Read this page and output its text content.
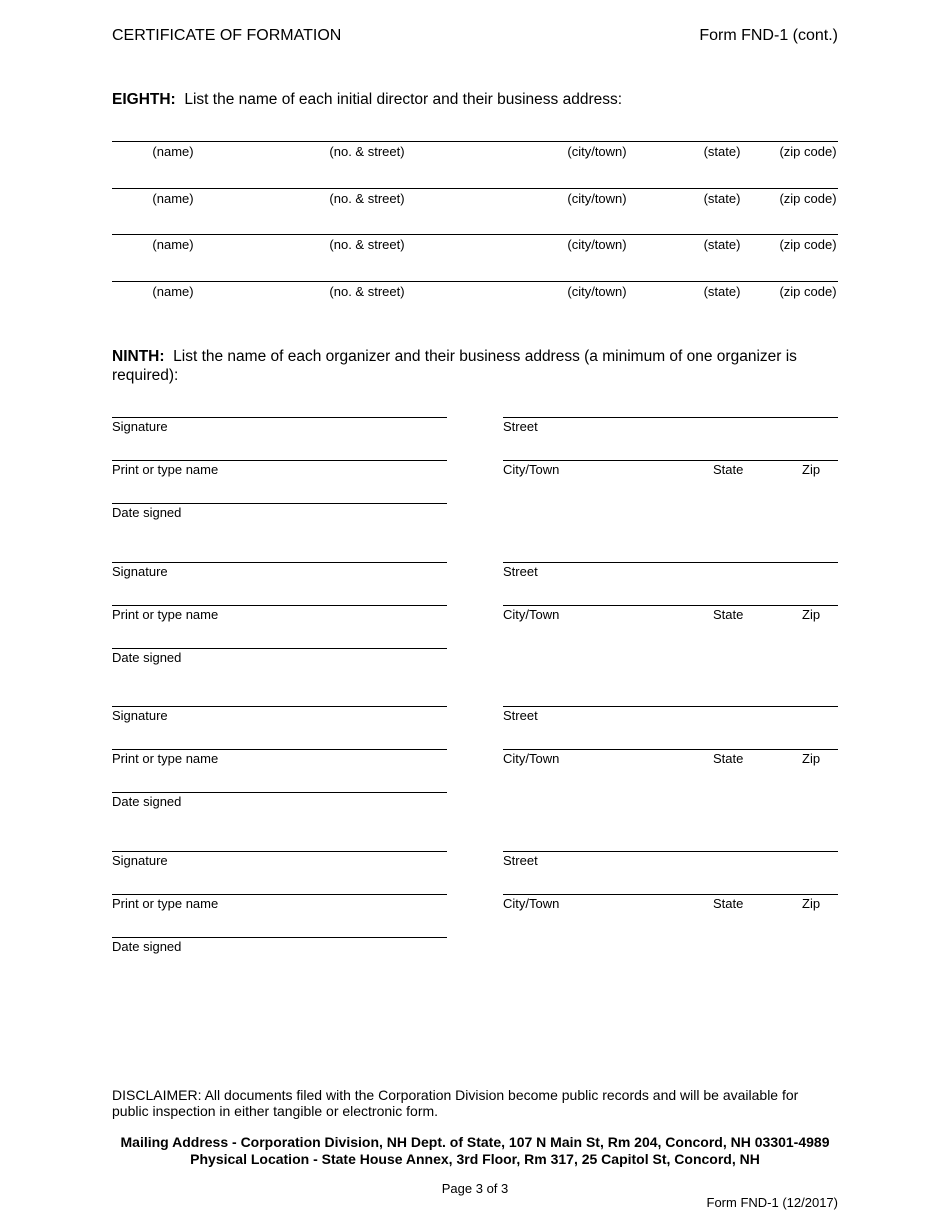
CERTIFICATE OF FORMATION	Form FND-1 (cont.)
EIGHTH: List the name of each initial director and their business address:
(name)	(no. & street)	(city/town)	(state)	(zip code)
(name)	(no. & street)	(city/town)	(state)	(zip code)
(name)	(no. & street)	(city/town)	(state)	(zip code)
(name)	(no. & street)	(city/town)	(state)	(zip code)
NINTH: List the name of each organizer and their business address (a minimum of one organizer is required):
Signature
Print or type name
Date signed
Street
City/Town	State	Zip
Signature
Print or type name
Date signed
Street
City/Town	State	Zip
Signature
Print or type name
Date signed
Street
City/Town	State	Zip
Signature
Print or type name
Date signed
Street
City/Town	State	Zip
DISCLAIMER: All documents filed with the Corporation Division become public records and will be available for public inspection in either tangible or electronic form.
Mailing Address - Corporation Division, NH Dept. of State, 107 N Main St, Rm 204, Concord, NH 03301-4989
Physical Location - State House Annex, 3rd Floor, Rm 317, 25 Capitol St, Concord, NH
Page 3 of 3
Form FND-1 (12/2017)
